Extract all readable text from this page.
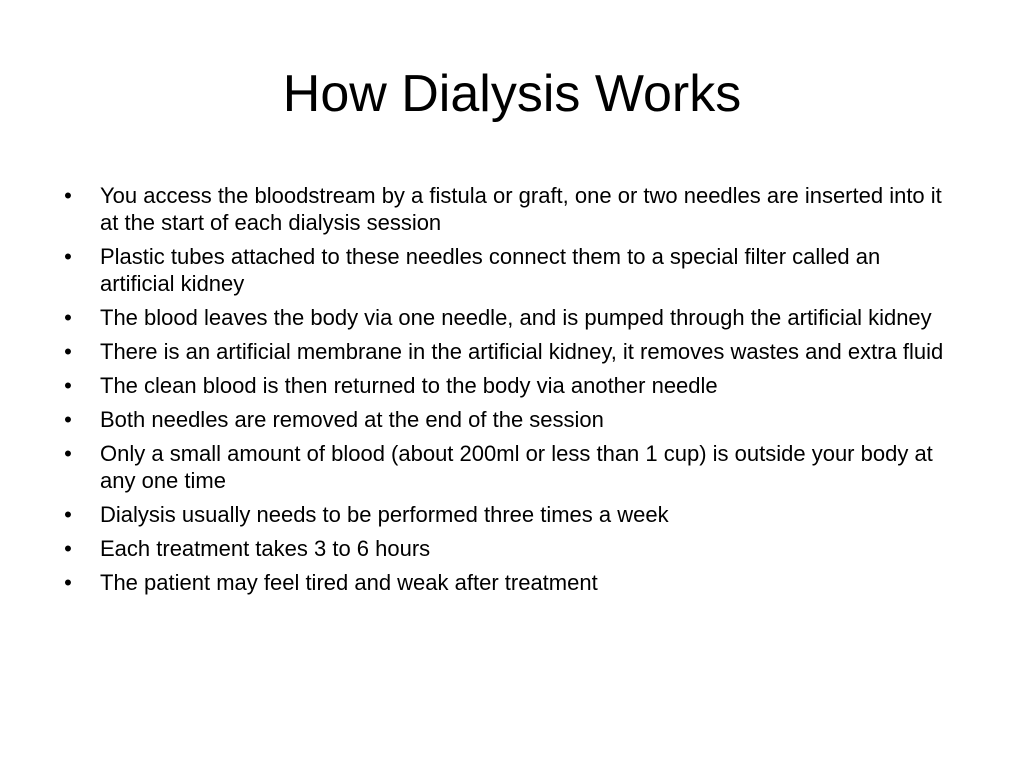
How Dialysis Works
• You access the bloodstream by a fistula or graft, one or two needles are inserted into it at the start of each dialysis session
• Plastic tubes attached to these needles connect them to a special filter called an artificial kidney
• The blood leaves the body via one needle, and is pumped through the artificial kidney
• There is an artificial membrane in the artificial kidney, it removes wastes and extra fluid
• The clean blood is then returned to the body via another needle
• Both needles are removed at the end of the session
• Only a small amount of blood (about 200ml or less than 1 cup) is outside your body at any one time
• Dialysis usually needs to be performed three times a week
• Each treatment takes 3 to 6 hours
• The patient may feel tired and weak after treatment
